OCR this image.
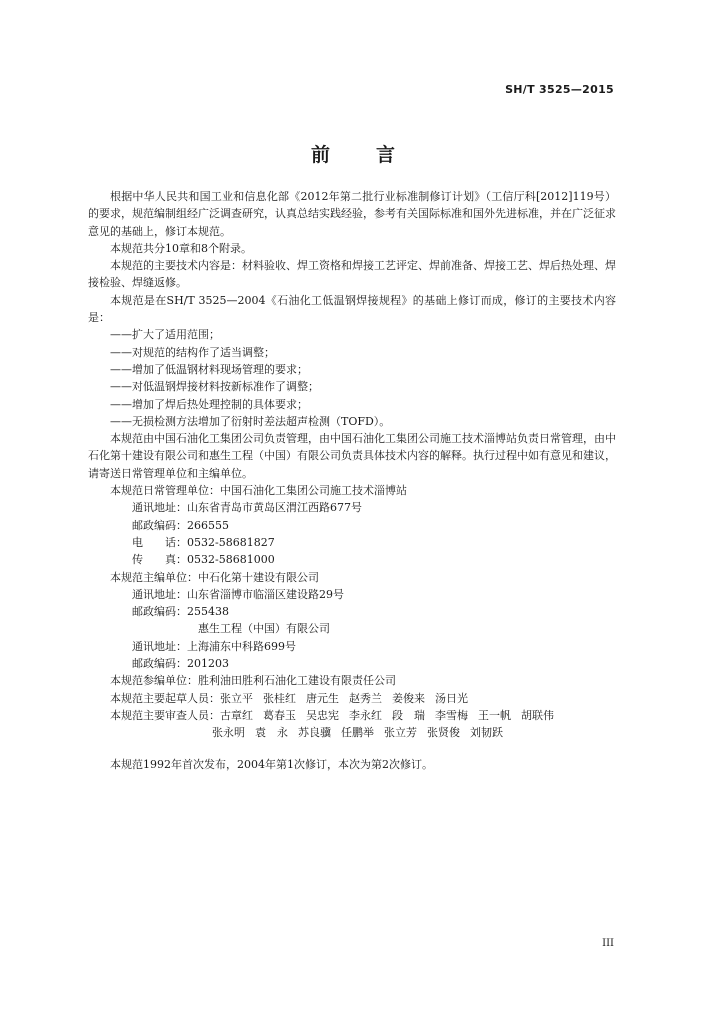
SH/T 3525—2015
前 言

根据中华人民共和国工业和信息化部《2012年第二批行业标准制修订计划》（工信厅科[2012]119号）的要求，规范编制组经广泛调查研究，认真总结实践经验，参考有关国际标准和国外先进标准，并在广泛征求意见的基础上，修订本规范。

本规范共分10章和8个附录。

本规范的主要技术内容是：材料验收、焊工资格和焊接工艺评定、焊前准备、焊接工艺、焊后热处理、焊接检验、焊缝返修。

本规范是在SH/T 3525—2004《石油化工低温钢焊接规程》的基础上修订而成，修订的主要技术内容是：

——扩大了适用范围；

——对规范的结构作了适当调整；

——增加了低温钢材料现场管理的要求；

——对低温钢焊接材料按新标准作了调整；

——增加了焊后热处理控制的具体要求；

——无损检测方法增加了衍射时差法超声检测（TOFD）。

本规范由中国石油化工集团公司负责管理，由中国石油化工集团公司施工技术淄博站负责日常管理，由中石化第十建设有限公司和惠生工程（中国）有限公司负责具体技术内容的解释。执行过程中如有意见和建议，请寄送日常管理单位和主编单位。

本规范日常管理单位：中国石油化工集团公司施工技术淄博站

通讯地址：山东省青岛市黄岛区渭江西路677号

邮政编码：266555

电　　话：0532-58681827

传　　真：0532-58681000

本规范主编单位：中石化第十建设有限公司

通讯地址：山东省淄博市临淄区建设路29号

邮政编码：255438

惠生工程（中国）有限公司

通讯地址：上海浦东中科路699号

邮政编码：201203

本规范参编单位：胜利油田胜利石油化工建设有限责任公司

本规范主要起草人员：张立平 张桂红 唐元生 赵秀兰 姜俊来 汤日光

本规范主要审查人员：古章红 葛春玉 吴忠宪 李永红 段　瑞 李雪梅 王一帆 胡联伟

张永明 袁　永 苏良骥 任鹏举 张立芳 张贤俊 刘韧跃

本规范1992年首次发布，2004年第1次修订，本次为第2次修订。

III
